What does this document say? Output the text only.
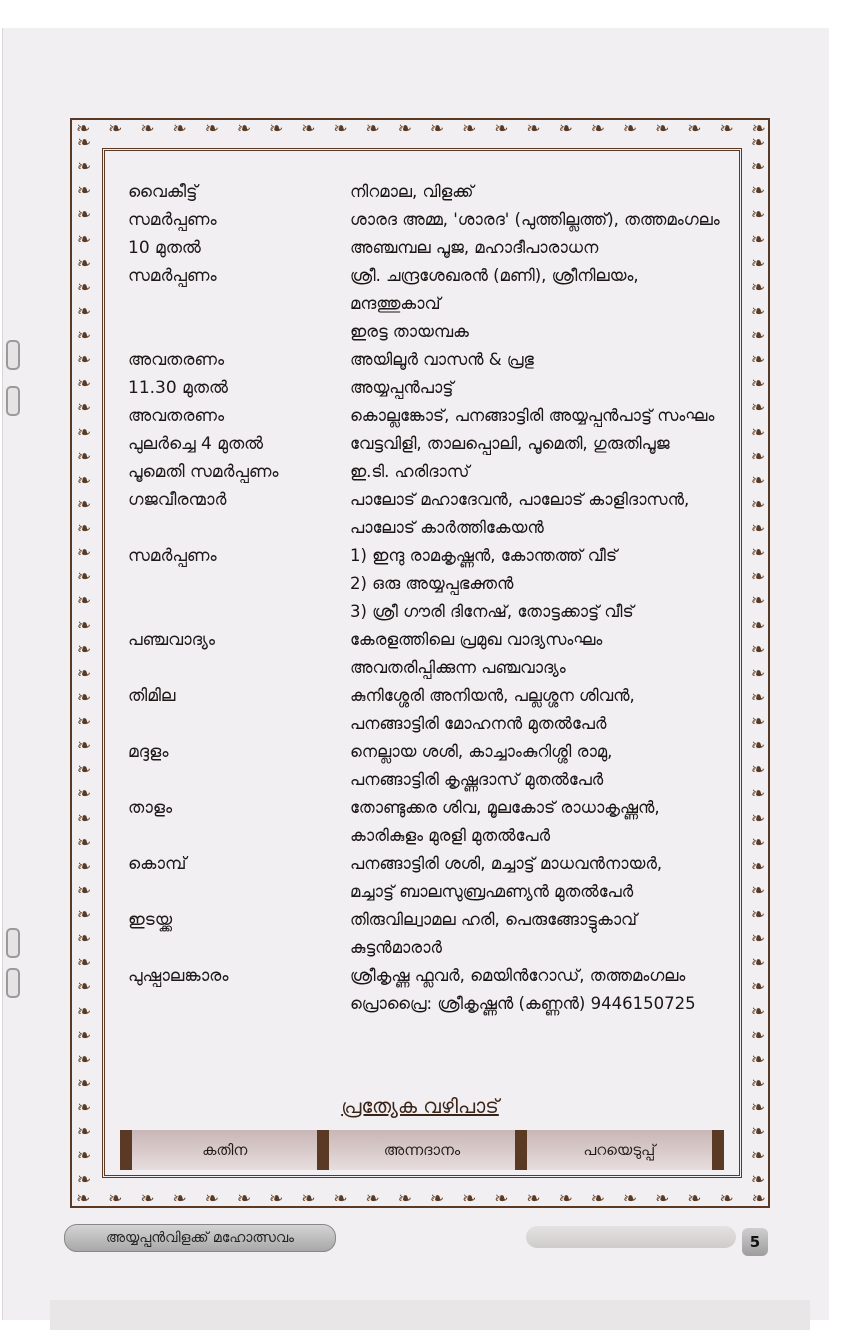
❧ ❧ ❧ ❧ ❧ ❧ ❧ ❧ ❧ ❧ ❧ ❧ ❧ ❧ ❧ ❧ ❧ ❧ ❧ ❧ ❧ ❧
❧ ❧ ❧ ❧ ❧ ❧ ❧ ❧ ❧ ❧ ❧ ❧ ❧ ❧ ❧ ❧ ❧ ❧ ❧ ❧ ❧ ❧
❧
❧
❧
❧
❧
❧
❧
❧
❧
❧
❧
❧
❧
❧
❧
❧
❧
❧
❧
❧
❧
❧
❧
❧
❧
❧
❧
❧
❧
❧
❧
❧
❧
❧
❧
❧
❧
❧
❧
❧
❧
❧
❧
❧
❧
❧
❧
❧
❧
❧
❧
❧
❧
❧
❧
❧
❧
❧
❧
❧
❧
❧
❧
❧
❧
❧
❧
❧
❧
❧
❧
❧
❧
❧
❧
❧
❧
❧
❧
❧
❧
❧
❧
❧
❧
❧
❧
❧
വൈകീട്ട്	നിറമാല, വിളക്ക്
സമർപ്പണം	ശാരദ അമ്മ, 'ശാരദ' (പുത്തില്ലത്ത്), തത്തമംഗലം
10 മുതൽ	അഞ്ചമ്പല പൂജ, മഹാദീപാരാധന
സമർപ്പണം	ശ്രീ. ചന്ദ്രശേഖരൻ (മണി), ശ്രീനിലയം,
മന്ദത്തുകാവ്
ഇരട്ട തായമ്പക
അവതരണം	അയിലൂർ വാസൻ & പ്രഭു
11.30 മുതൽ	അയ്യപ്പൻപാട്ട്
അവതരണം	കൊല്ലങ്കോട്, പനങ്ങാട്ടിരി അയ്യപ്പൻപാട്ട് സംഘം
പുലർച്ചെ 4 മുതൽ	വേട്ടവിളി, താലപ്പൊലി, പൂമെതി, ഗുരുതിപൂജ
പൂമെതി സമർപ്പണം	ഇ.ടി. ഹരിദാസ്
ഗജവീരന്മാർ	പാലോട് മഹാദേവൻ, പാലോട് കാളിദാസൻ,
പാലോട് കാർത്തികേയൻ
സമർപ്പണം	1) ഇന്ദു രാമകൃഷ്ണൻ, കോന്തത്ത് വീട്
2) ഒരു അയ്യപ്പഭക്തൻ
3) ശ്രീ ഗൗരി ദിനേഷ്, തോട്ടക്കാട്ട് വീട്
പഞ്ചവാദ്യം	കേരളത്തിലെ പ്രമുഖ വാദ്യസംഘം
അവതരിപ്പിക്കുന്ന പഞ്ചവാദ്യം
തിമില	കുനിശ്ശേരി അനിയൻ, പല്ലശ്ശന ശിവൻ,
പനങ്ങാട്ടിരി മോഹനൻ മുതൽപേർ
മദ്ദളം	നെല്ലായ ശശി, കാച്ചാംകുറിശ്ശി രാമു,
പനങ്ങാട്ടിരി കൃഷ്ണദാസ് മുതൽപേർ
താളം	തോണ്ടുക്കര ശിവ, മൂലകോട് രാധാകൃഷ്ണൻ,
കാരികുളം മുരളി മുതൽപേർ
കൊമ്പ്	പനങ്ങാട്ടിരി ശശി, മച്ചാട്ട് മാധവൻനായർ,
മച്ചാട്ട് ബാലസുബ്രഹ്മണ്യൻ മുതൽപേർ
ഇടയ്ക്ക	തിരുവില്വാമല ഹരി, പെരുങ്ങോട്ടുകാവ്
കുട്ടൻമാരാർ
പുഷ്പാലങ്കാരം	ശ്രീകൃഷ്ണ ഫ്ലവർ, മെയിൻറോഡ്, തത്തമംഗലം
പ്രൊപ്രൈ: ശ്രീകൃഷ്ണൻ (കണ്ണൻ) 9446150725
പ്രത്യേക വഴിപാട്
കതിന	അന്നദാനം	പറയെടുപ്പ്
അയ്യപ്പൻവിളക്ക് മഹോത്സവം	5
